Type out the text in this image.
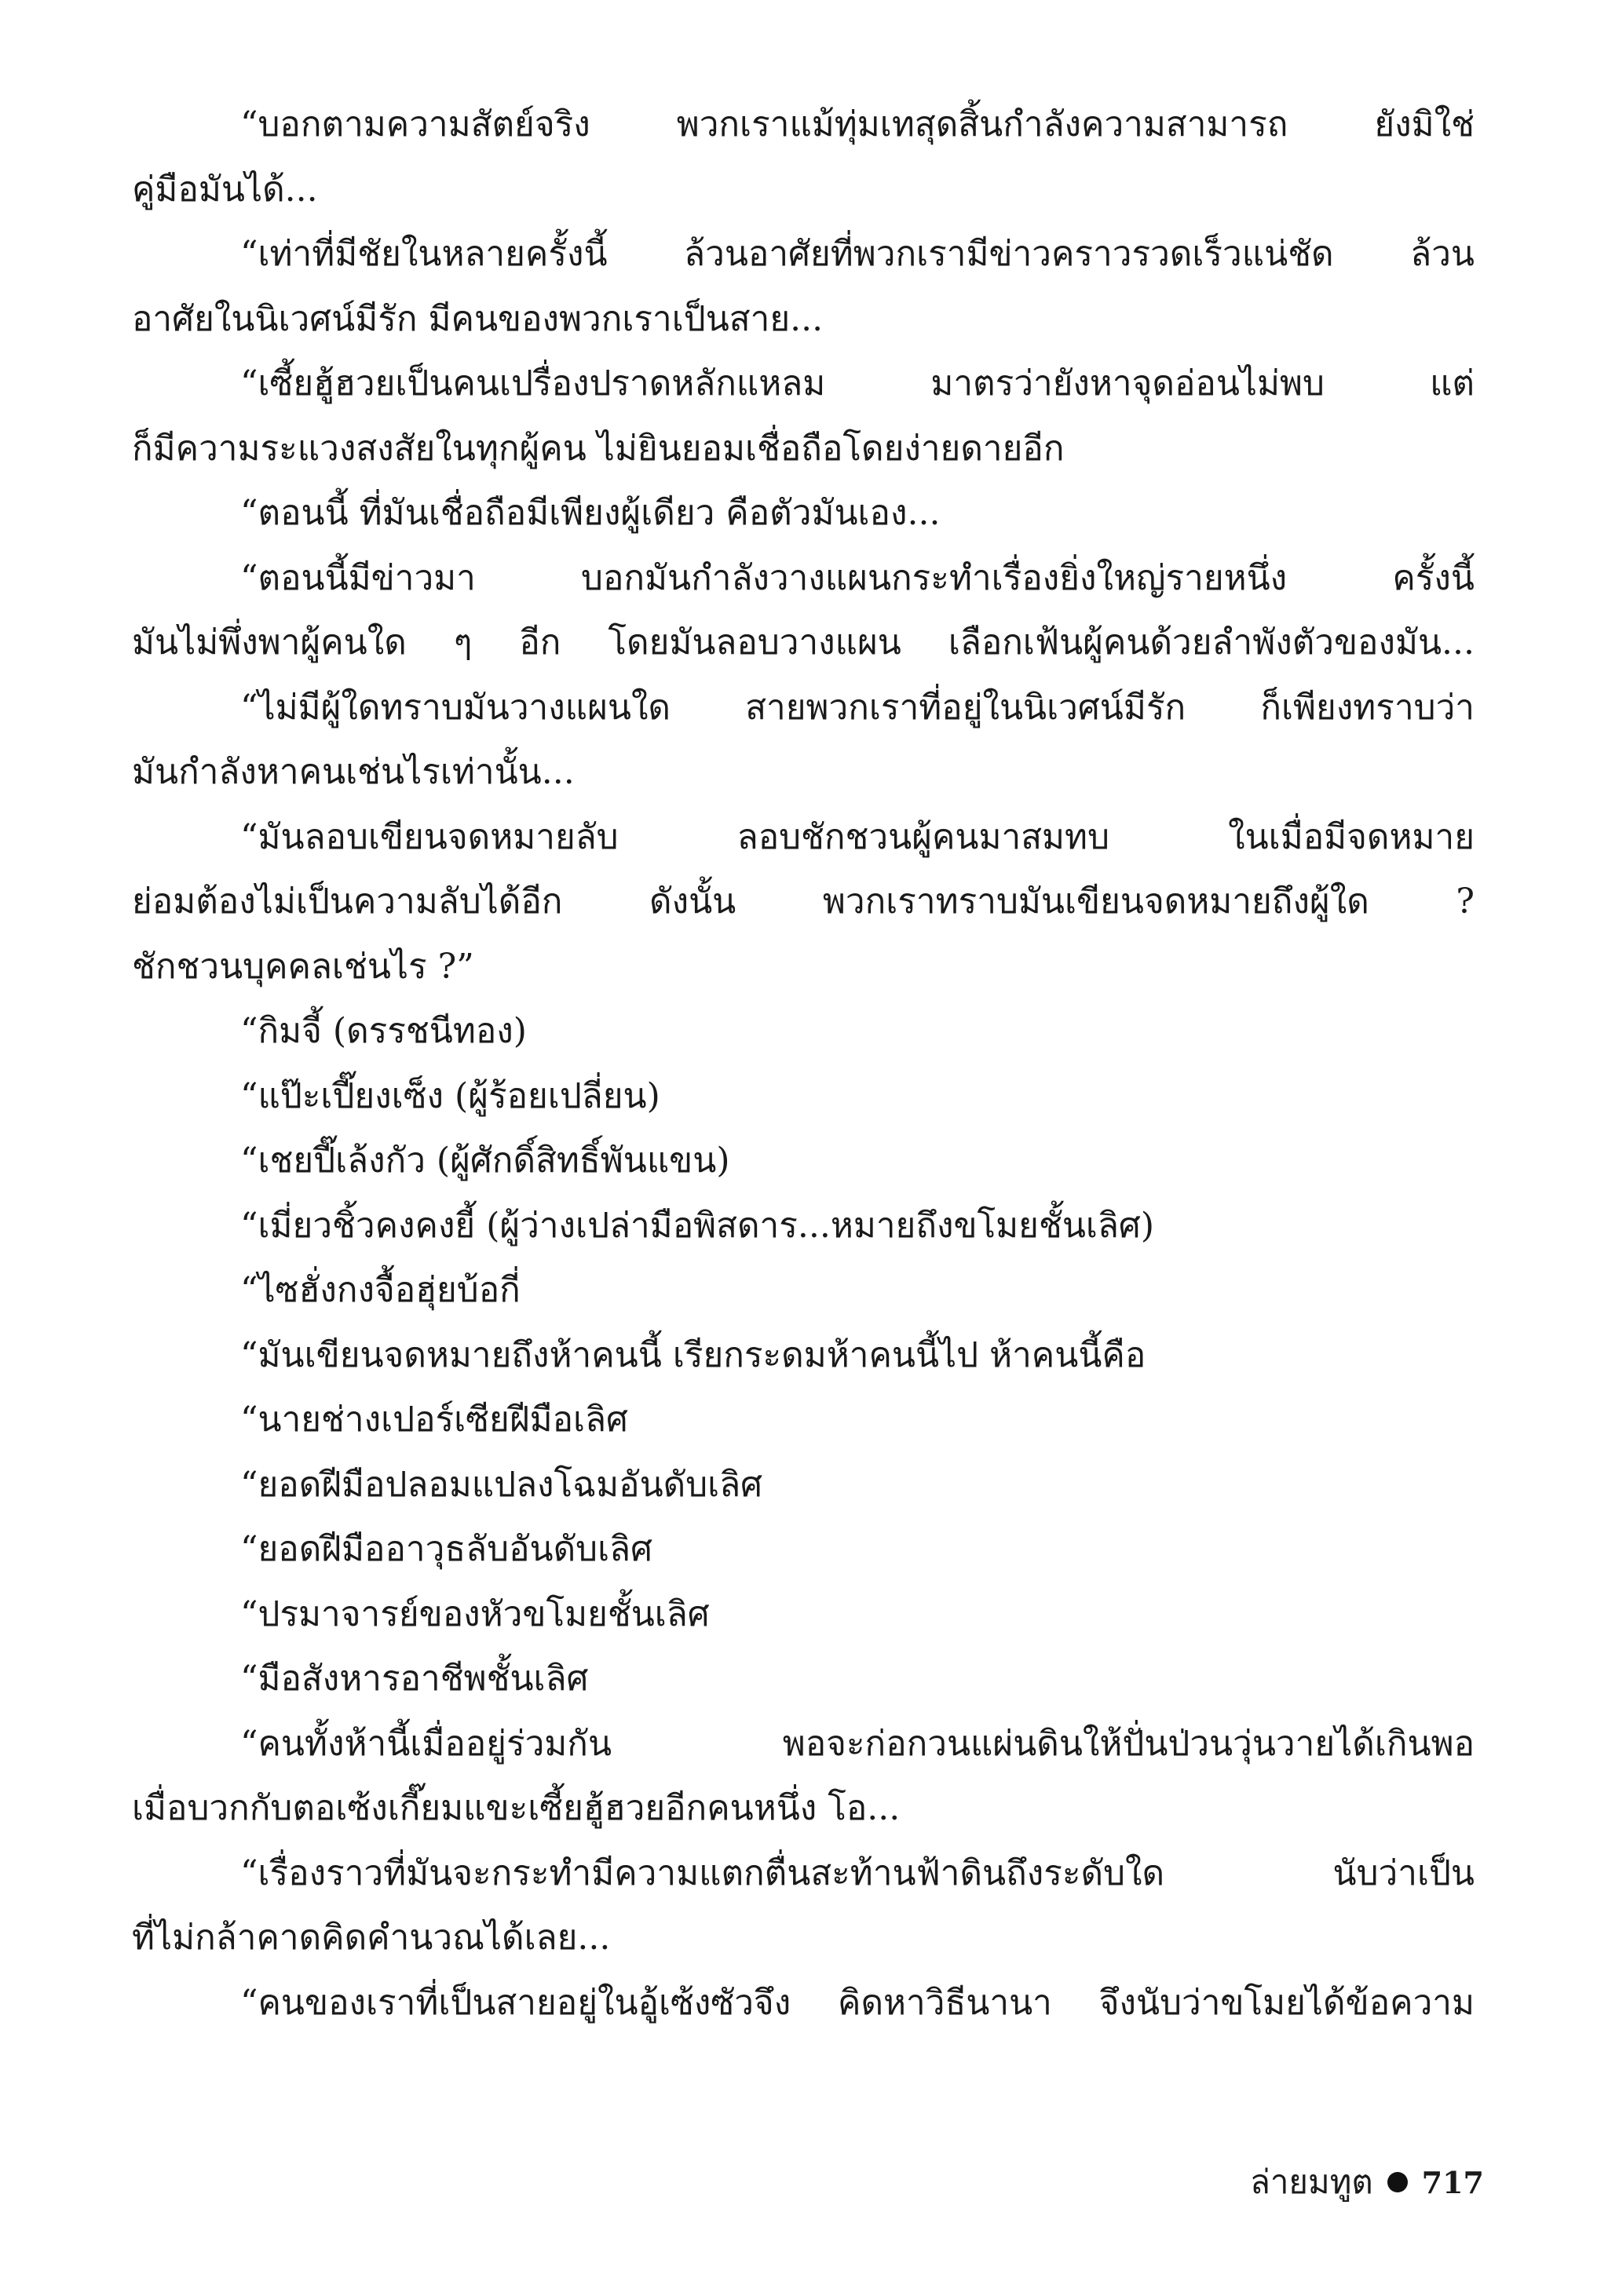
“บอกตามความสัตย์จริง พวกเราแม้ทุ่มเทสุดสิ้นกำลังความสามารถ ยังมิใช่
คู่มือมันได้...
“เท่าที่มีชัยในหลายครั้งนี้ ล้วนอาศัยที่พวกเรามีข่าวคราวรวดเร็วแน่ชัด ล้วน
อาศัยในนิเวศน์มีรัก มีคนของพวกเราเป็นสาย...
“เซี้ยฮู้ฮวยเป็นคนเปรื่องปราดหลักแหลม มาตรว่ายังหาจุดอ่อนไม่พบ แต่
ก็มีความระแวงสงสัยในทุกผู้คน ไม่ยินยอมเชื่อถือโดยง่ายดายอีก
“ตอนนี้ ที่มันเชื่อถือมีเพียงผู้เดียว คือตัวมันเอง...
“ตอนนี้มีข่าวมา บอกมันกำลังวางแผนกระทำเรื่องยิ่งใหญ่รายหนึ่ง ครั้งนี้
มันไม่พึ่งพาผู้คนใด ๆ อีก โดยมันลอบวางแผน เลือกเฟ้นผู้คนด้วยลำพังตัวของมัน...
“ไม่มีผู้ใดทราบมันวางแผนใด สายพวกเราที่อยู่ในนิเวศน์มีรัก ก็เพียงทราบว่า
มันกำลังหาคนเช่นไรเท่านั้น...
“มันลอบเขียนจดหมายลับ ลอบชักชวนผู้คนมาสมทบ ในเมื่อมีจดหมาย
ย่อมต้องไม่เป็นความลับได้อีก ดังนั้น พวกเราทราบมันเขียนจดหมายถึงผู้ใด ?
ชักชวนบุคคลเช่นไร ?”
“กิมจี้ (ดรรชนีทอง)
“แป๊ะเปี๊ยงเซ็ง (ผู้ร้อยเปลี่ยน)
“เชยปี๊เล้งกัว (ผู้ศักดิ์สิทธิ์พันแขน)
“เมี่ยวชิ้วคงคงยี้ (ผู้ว่างเปล่ามือพิสดาร...หมายถึงขโมยชั้นเลิศ)
“ไซฮั่งกงจื้อฮุ่ยบ้อกี่
“มันเขียนจดหมายถึงห้าคนนี้ เรียกระดมห้าคนนี้ไป ห้าคนนี้คือ
“นายช่างเปอร์เซียฝีมือเลิศ
“ยอดฝีมือปลอมแปลงโฉมอันดับเลิศ
“ยอดฝีมืออาวุธลับอันดับเลิศ
“ปรมาจารย์ของหัวขโมยชั้นเลิศ
“มือสังหารอาชีพชั้นเลิศ
“คนทั้งห้านี้เมื่ออยู่ร่วมกัน พอจะก่อกวนแผ่นดินให้ปั่นป่วนวุ่นวายได้เกินพอ
เมื่อบวกกับตอเซ้งเกี๊ยมแขะเซี้ยฮู้ฮวยอีกคนหนึ่ง โอ...
“เรื่องราวที่มันจะกระทำมีความแตกตื่นสะท้านฟ้าดินถึงระดับใด นับว่าเป็น
ที่ไม่กล้าคาดคิดคำนวณได้เลย...
“คนของเราที่เป็นสายอยู่ในอู้เซ้งซัวจึง คิดหาวิธีนานา จึงนับว่าขโมยได้ข้อความ
ล่ายมทูต 717
